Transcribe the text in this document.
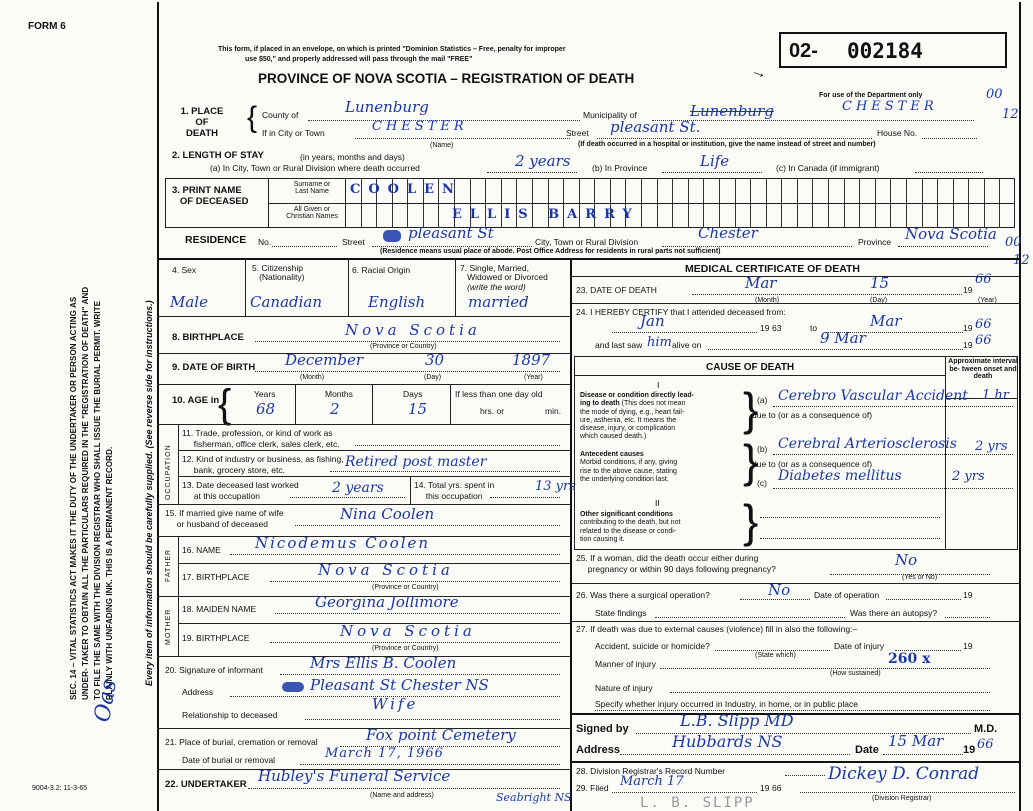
FORM 6
This form, if placed in an envelope, on which is printed "Dominion Statistics – Free, penalty for improper
use $50," and properly addressed will pass through the mail "FREE"
PROVINCE OF NOVA SCOTIA – REGISTRATION OF DEATH
02- 002184
→
For use of the Department only	00
12
SEC. 14 – VITAL STATISTICS ACT MAKES IT THE DUTY OF THE UNDERTAKER OR PERSON ACTING AS UNDER- TAKER TO OBTAIN ALL THE PARTICULARS REQUIRED IN THE "REGISTRATION OF DEATH" AND TO FILE THE SAME WITH THE DIVISION REGISTRAR WHO SHALL ISSUE THE BURIAL PERMIT. WRITE PLAINLY WITH UNFADING INK. THIS IS A PERMANENT RECORD.	Every item of information should be carefully supplied. (See reverse side for instructions.)
Oas
9004-3.2: 11-3-65
1. PLACE
OF
DEATH { County of	Lunenburg	Municipality of	Lunenburg	CHESTER
If in City or Town	CHESTER
(Name)
Street pleasant St.	House No.
(If death occurred in a hospital or institution, give the name instead of street and number)
2. LENGTH OF STAY	(in years, months and days)
(a) In City, Town or Rural Division where death occurred	2 years	(b) In Province	Life	(c) In Canada (if immigrant)
3. PRINT NAME
OF DECEASED
Surname or
Last Name
All Given or
Christian Names
COOLEN
ELLIS BARRY
RESIDENCE No.	Street	pleasant St	City, Town or Rural Division	Chester	Province Nova Scotia 00
12
(Residence means usual place of abode. Post Office Address for residents in rural parts not sufficient)
4. Sex	5. Citizenship
(Nationality)
6. Racial Origin	7. Single, Married,
Widowed or Divorced
(write the word)
Male	Canadian	English	married
8. BIRTHPLACE	Nova Scotia
(Province or Country)
9. DATE OF BIRTH December	30	1897
(Month)	(Day)	(Year)
10. AGE in
{	Years	Months	Days
68	2	15
If less than one day old
hrs. or	min.
OCCUPATION
11. Trade, profession, or kind of work as
fisherman, office clerk, sales clerk, etc.
12. Kind of industry or business, as fishing,
bank, grocery store, etc.	Retired post master
13. Date deceased last worked
at this occupation	2 years	14. Total yrs. spent in
this occupation
13 yrs
15. If married give name of wife
or husband of deceased
Nina Coolen
FATHER 16. NAME Nicodemus Coolen
17. BIRTHPLACE	Nova Scotia
(Province or Country)
MOTHER 18. MAIDEN NAME	Georgina Jollimore
19. BIRTHPLACE	Nova Scotia
(Province or Country)
20. Signature of informant	Mrs Ellis B. Coolen
Address	Pleasant St Chester NS
Relationship to deceased
Wife
21. Place of burial, cremation or removal	Fox point Cemetery
Date of burial or removal	March 17, 1966
22. UNDERTAKER Hubley's Funeral Service
Seabright NS
(Name and address)
MEDICAL CERTIFICATE OF DEATH
23. DATE OF DEATH	Mar	15	19
66
(Month)	(Day)	(Year)
24. I HEREBY CERTIFY that I attended deceased from:
Jan	19 63	to	Mar	19 66
and last saw him alive on	9 Mar	19 66
CAUSE OF DEATH
Approximate interval be- tween onset and death
I
Disease or condition directly lead-
ing to death (This does not mean
the mode of dying, e.g., heart fail-
ure, asthenia, etc. It means the
disease, injury, or complication
which caused death.)
}
(a) Cerebro Vascular Accident 1 hr
due to (or as a consequence of)
Antecedent causes
Morbid conditions, if any, giving
rise to the above cause, stating
the underlying condition last.	}
(b) Cerebral Arteriosclerosis 2 yrs
due to (or as a consequence of)
(c) Diabetes mellitus	2 yrs
II
Other significant conditions
contributing to the death, but not
related to the disease or condi-
tion causing it.	}
25. If a woman, did the death occur either during
pregnancy or within 90 days following pregnancy?
No
(Yes or No)
26. Was there a surgical operation?	No	Date of operation	19
State findings	Was there an autopsy?
27. If death was due to external causes (violence) fill in also the following:–
Accident, suicide or homicide?
(State which)
Date of injury	19
Manner of injury	260 x
(How sustained)
Nature of injury
Specify whether injury occurred in Industry, in home, or in public place
Signed by	L.B. Slipp MD	M.D.
Address	Hubbards NS	Date 15 Mar 19 66
28. Division Registrar's Record Number
29. Filed March 17	19 66
Dickey D. Conrad
(Division Registrar)
L. B. SLIPP
